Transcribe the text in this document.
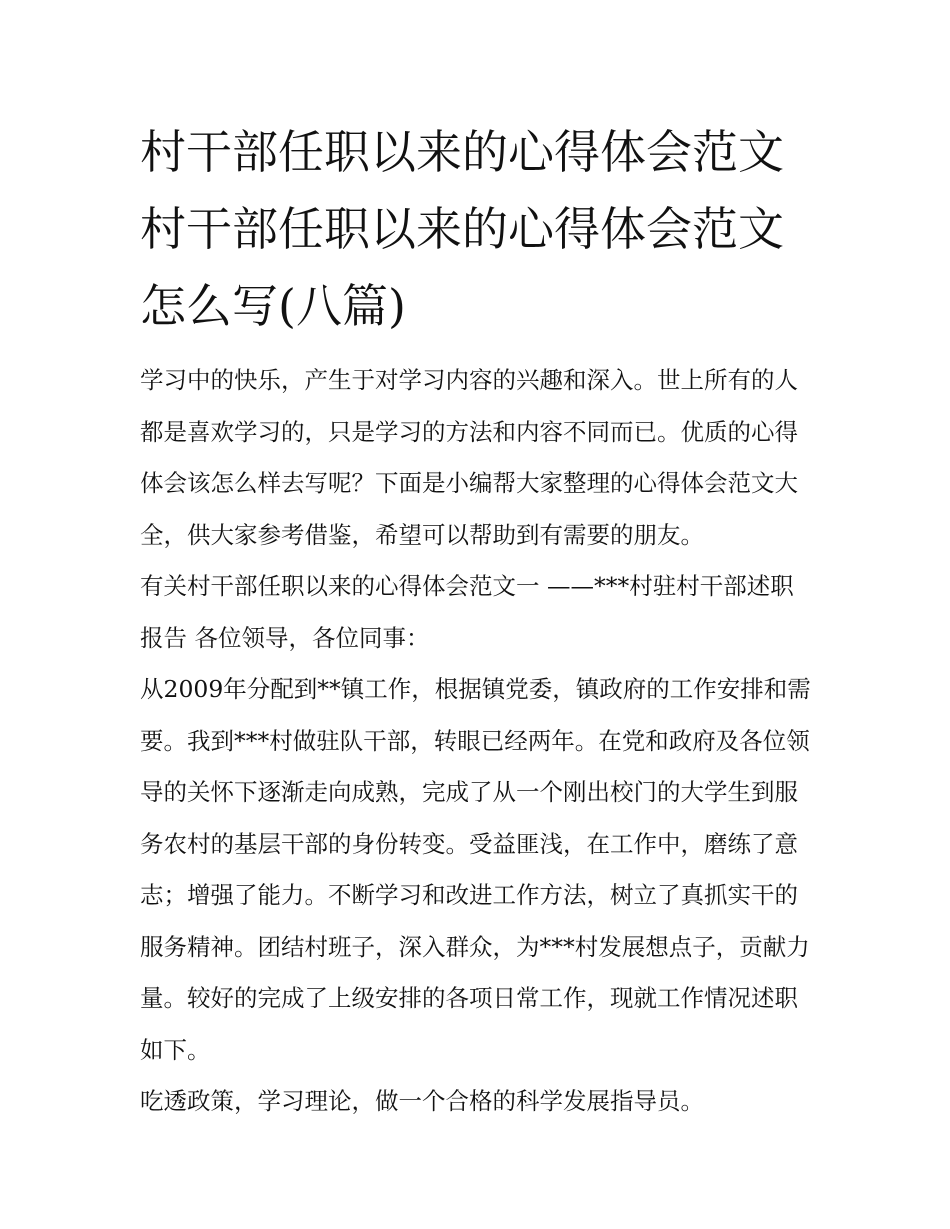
村干部任职以来的心得体会范文 村干部任职以来的心得体会范文怎么写(八篇)

学习中的快乐，产生于对学习内容的兴趣和深入。世上所有的人都是喜欢学习的，只是学习的方法和内容不同而已。优质的心得体会该怎么样去写呢？下面是小编帮大家整理的心得体会范文大全，供大家参考借鉴，希望可以帮助到有需要的朋友。

有关村干部任职以来的心得体会范文一 ——***村驻村干部述职报告 各位领导，各位同事：

从2009年分配到**镇工作，根据镇党委，镇政府的工作安排和需要。我到***村做驻队干部，转眼已经两年。在党和政府及各位领导的关怀下逐渐走向成熟，完成了从一个刚出校门的大学生到服务农村的基层干部的身份转变。受益匪浅，在工作中，磨练了意志；增强了能力。不断学习和改进工作方法，树立了真抓实干的服务精神。团结村班子，深入群众，为***村发展想点子，贡献力量。较好的完成了上级安排的各项日常工作，现就工作情况述职如下。

吃透政策，学习理论，做一个合格的科学发展指导员。
